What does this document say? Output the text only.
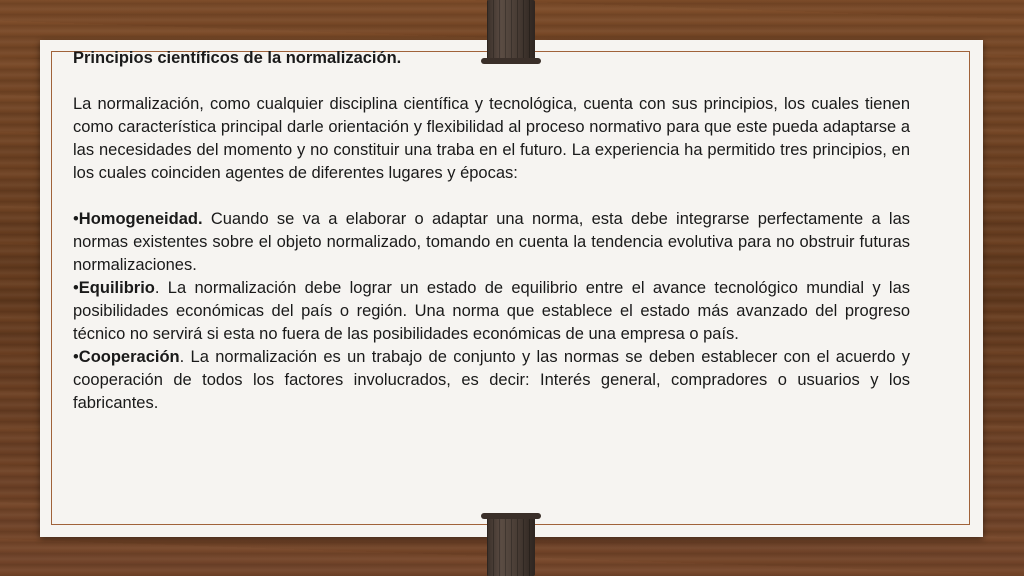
Principios científicos de la normalización.

La normalización, como cualquier disciplina científica y tecnológica, cuenta con sus principios, los cuales tienen como característica principal darle orientación y flexibilidad al proceso normativo para que este pueda adaptarse a las necesidades del momento y no constituir una traba en el futuro. La experiencia ha permitido tres principios, en los cuales coinciden agentes de diferentes lugares y épocas:

•Homogeneidad. Cuando se va a elaborar o adaptar una norma, esta debe integrarse perfectamente a las normas existentes sobre el objeto normalizado, tomando en cuenta la tendencia evolutiva para no obstruir futuras normalizaciones.

•Equilibrio. La normalización debe lograr un estado de equilibrio entre el avance tecnológico mundial y las posibilidades económicas del país o región. Una norma que establece el estado más avanzado del progreso técnico no servirá si esta no fuera de las posibilidades económicas de una empresa o país.

•Cooperación. La normalización es un trabajo de conjunto y las normas se deben establecer con el acuerdo y cooperación de todos los factores involucrados, es decir: Interés general, compradores o usuarios y los fabricantes.
